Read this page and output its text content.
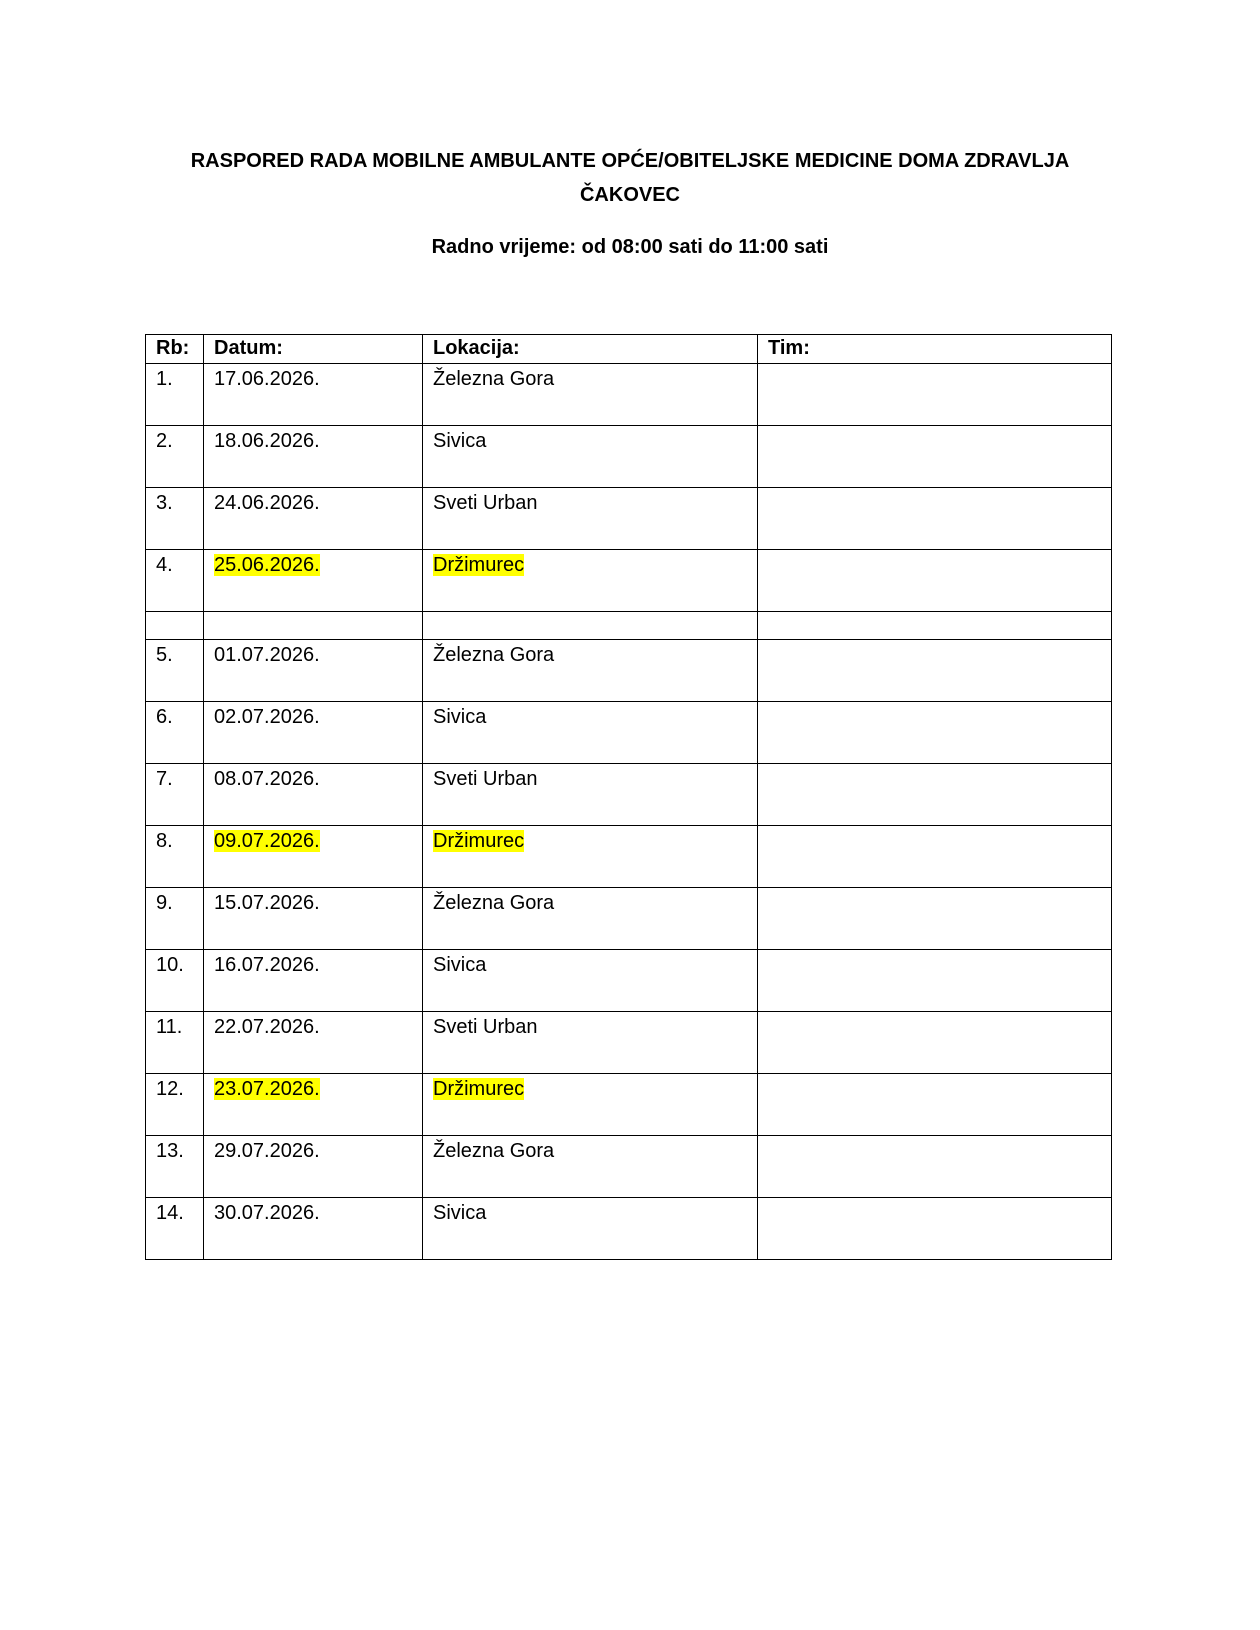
RASPORED RADA MOBILNE AMBULANTE OPĆE/OBITELJSKE MEDICINE DOMA ZDRAVLJA
ČAKOVEC
Radno vrijeme: od 08:00 sati do 11:00 sati
Rb:	Datum:	Lokacija:	Tim:
1.	17.06.2026.	Železna Gora	
2.	18.06.2026.	Sivica	
3.	24.06.2026.	Sveti Urban	
4.	25.06.2026.	Držimurec	

5.	01.07.2026.	Železna Gora	
6.	02.07.2026.	Sivica	
7.	08.07.2026.	Sveti Urban	
8.	09.07.2026.	Držimurec	
9.	15.07.2026.	Železna Gora	
10.	16.07.2026.	Sivica	
11.	22.07.2026.	Sveti Urban	
12.	23.07.2026.	Držimurec	
13.	29.07.2026.	Železna Gora	
14.	30.07.2026.	Sivica	
